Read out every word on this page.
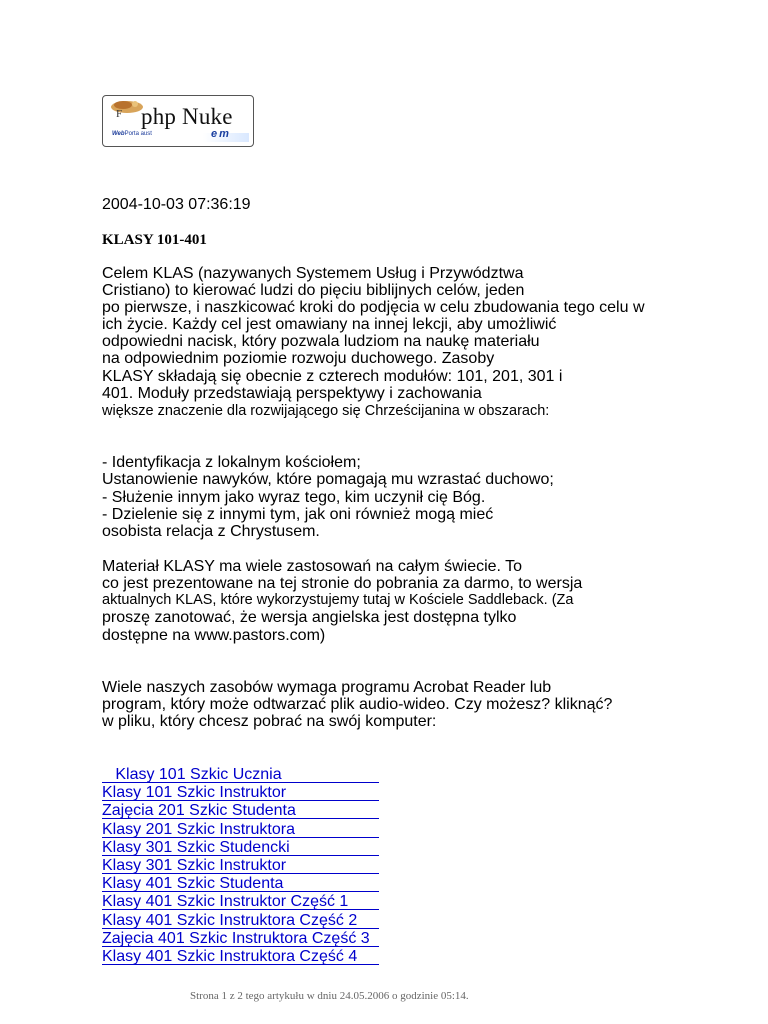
F php Nuke
WebPorta aust	em
2004-10-03 07:36:19
KLASY 101-401
Celem KLAS (nazywanych Systemem Usług i Przywództwa
Cristiano) to kierować ludzi do pięciu biblijnych celów, jeden
po pierwsze, i naszkicować kroki do podjęcia w celu zbudowania tego celu w
ich życie. Każdy cel jest omawiany na innej lekcji, aby umożliwić
odpowiedni nacisk, który pozwala ludziom na naukę materiału
na odpowiednim poziomie rozwoju duchowego. Zasoby
KLASY składają się obecnie z czterech modułów: 101, 201, 301 i
401. Moduły przedstawiają perspektywy i zachowania
większe znaczenie dla rozwijającego się Chrześcijanina w obszarach:
- Identyfikacja z lokalnym kościołem;
Ustanowienie nawyków, które pomagają mu wzrastać duchowo;
- Służenie innym jako wyraz tego, kim uczynił cię Bóg.
- Dzielenie się z innymi tym, jak oni również mogą mieć
osobista relacja z Chrystusem.
Materiał KLASY ma wiele zastosowań na całym świecie. To
co jest prezentowane na tej stronie do pobrania za darmo, to wersja
aktualnych KLAS, które wykorzystujemy tutaj w Kościele Saddleback. (Za
proszę zanotować, że wersja angielska jest dostępna tylko
dostępne na www.pastors.com)
Wiele naszych zasobów wymaga programu Acrobat Reader lub
program, który może odtwarzać plik audio-wideo. Czy możesz? kliknąć?
w pliku, który chcesz pobrać na swój komputer:
Klasy 101 Szkic Ucznia
Klasy 101 Szkic Instruktor
Zajęcia 201 Szkic Studenta
Klasy 201 Szkic Instruktora
Klasy 301 Szkic Studencki
Klasy 301 Szkic Instruktor
Klasy 401 Szkic Studenta
Klasy 401 Szkic Instruktor Część 1
Klasy 401 Szkic Instruktora Część 2
Zajęcia 401 Szkic Instruktora Część 3
Klasy 401 Szkic Instruktora Część 4
Strona 1 z 2 tego artykułu w dniu 24.05.2006 o godzinie 05:14.
